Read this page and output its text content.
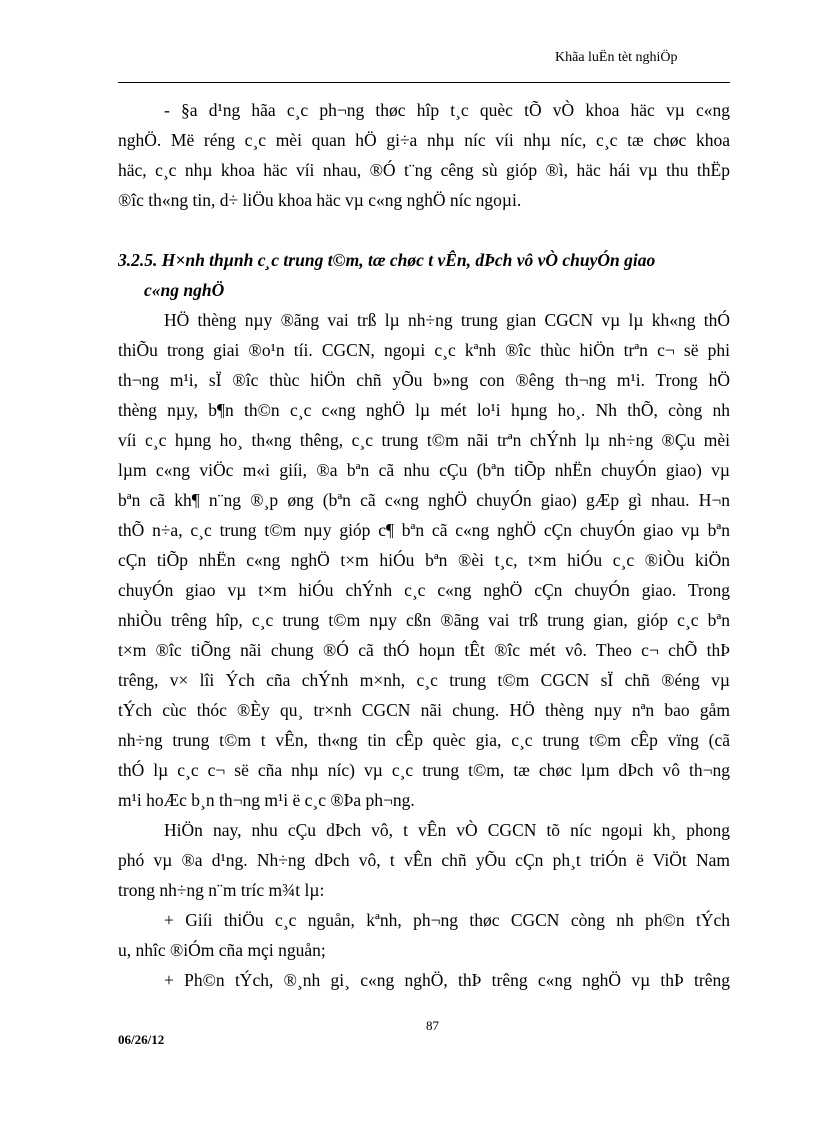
Khãa luËn tèt nghiÖp
- §a d¹ng hãa c¸c ph¬ng thøc hîp t¸c quèc tÕ vÒ khoa häc vµ c«ng
nghÖ. Më réng c¸c mèi quan hÖ gi÷a nhµ níc víi nhµ níc, c¸c tæ chøc khoa
häc, c¸c nhµ khoa häc víi nhau, ®Ó t¨ng cêng sù gióp ®ì, häc hái vµ thu thËp
®îc th«ng tin, d÷ liÖu khoa häc vµ c«ng nghÖ níc ngoµi.
3.2.5. H×nh thµnh c¸c trung t©m, tæ chøc t vÊn, dÞch vô vÒ chuyÓn giao
c«ng nghÖ
HÖ thèng nµy ®ãng vai trß lµ nh÷ng trung gian CGCN vµ lµ kh«ng thÓ
thiÕu trong giai ®o¹n tíi. CGCN, ngoµi c¸c kªnh ®îc thùc hiÖn trªn c¬ së phi
th¬ng m¹i, sÏ ®îc thùc hiÖn chñ yÕu b»ng con ®êng th¬ng m¹i. Trong hÖ
thèng nµy, b¶n th©n c¸c c«ng nghÖ lµ mét lo¹i hµng ho¸. Nh thÕ, còng nh
víi c¸c hµng ho¸ th«ng thêng, c¸c trung t©m nãi trªn chÝnh lµ nh÷ng ®Çu mèi
lµm c«ng viÖc m«i giíi, ®a bªn cã nhu cÇu (bªn tiÕp nhËn chuyÓn giao) vµ
bªn cã kh¶ n¨ng ®¸p øng (bªn cã c«ng nghÖ chuyÓn giao) gÆp gì nhau. H¬n
thÕ n÷a, c¸c trung t©m nµy gióp c¶ bªn cã c«ng nghÖ cÇn chuyÓn giao vµ bªn
cÇn tiÕp nhËn c«ng nghÖ t×m hiÓu bªn ®èi t¸c, t×m hiÓu c¸c ®iÒu kiÖn
chuyÓn giao vµ t×m hiÓu chÝnh c¸c c«ng nghÖ cÇn chuyÓn giao. Trong
nhiÒu trêng hîp, c¸c trung t©m nµy cßn ®ãng vai trß trung gian, gióp c¸c bªn
t×m ®îc tiÕng nãi chung ®Ó cã thÓ hoµn tÊt ®îc mét vô. Theo c¬ chÕ thÞ
trêng, v× lîi Ých cña chÝnh m×nh, c¸c trung t©m CGCN sÏ chñ ®éng vµ
tÝch cùc thóc ®Èy qu¸ tr×nh CGCN nãi chung. HÖ thèng nµy nªn bao gåm
nh÷ng trung t©m t vÊn, th«ng tin cÊp quèc gia, c¸c trung t©m cÊp vïng (cã
thÓ lµ c¸c c¬ së cña nhµ níc) vµ c¸c trung t©m, tæ chøc lµm dÞch vô th¬ng
m¹i hoÆc b¸n th¬ng m¹i ë c¸c ®Þa ph¬ng.
HiÖn nay, nhu cÇu dÞch vô, t vÊn vÒ CGCN tõ níc ngoµi kh¸ phong
phó vµ ®a d¹ng. Nh÷ng dÞch vô, t vÊn chñ yÕu cÇn ph¸t triÓn ë ViÖt Nam
trong nh÷ng n¨m tríc m¾t lµ:
+ Giíi thiÖu c¸c nguån, kªnh, ph¬ng thøc CGCN còng nh ph©n tÝch
u, nhîc ®iÓm cña mçi nguån;
+ Ph©n tÝch, ®¸nh gi¸ c«ng nghÖ, thÞ trêng c«ng nghÖ vµ thÞ trêng
87
06/26/12
